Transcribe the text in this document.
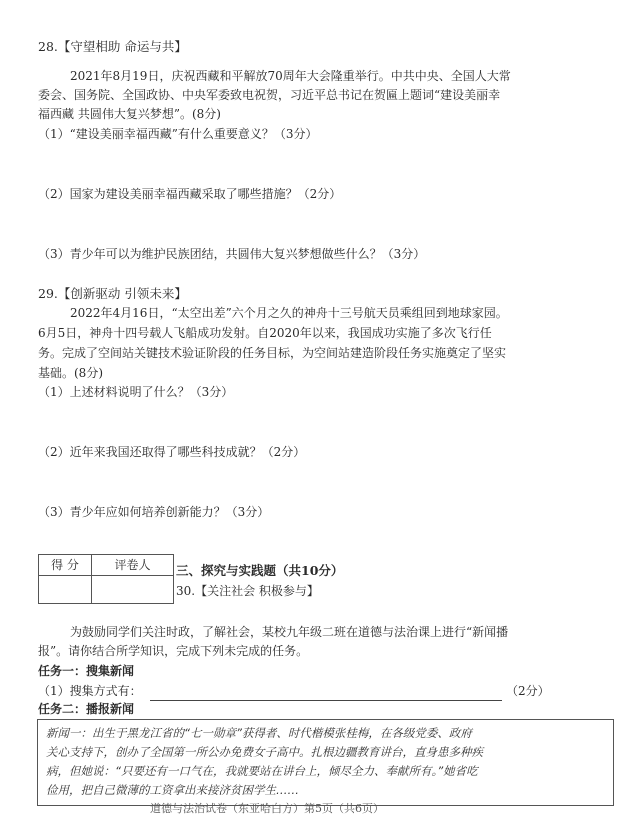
28.【守望相助 命运与共】
2021年8月19日，庆祝西藏和平解放70周年大会隆重举行。中共中央、全国人大常
委会、国务院、全国政协、中央军委致电祝贺，习近平总书记在贺匾上题词“建设美丽幸
福西藏 共圆伟大复兴梦想”。(8分)
（1）“建设美丽幸福西藏”有什么重要意义？（3分）
（2）国家为建设美丽幸福西藏采取了哪些措施？（2分）
（3）青少年可以为维护民族团结，共圆伟大复兴梦想做些什么？（3分）
29.【创新驱动 引领未来】
2022年4月16日，“太空出差”六个月之久的神舟十三号航天员乘组回到地球家园。
6月5日，神舟十四号载人飞船成功发射。自2020年以来，我国成功实施了多次飞行任
务。完成了空间站关键技术验证阶段的任务目标，为空间站建造阶段任务实施奠定了坚实
基础。(8分)
（1）上述材料说明了什么？（3分）
（2）近年来我国还取得了哪些科技成就？（2分）
（3）青少年应如何培养创新能力？（3分）
得 分	评卷人	三、探究与实践题（共10分）
30.【关注社会 积极参与】
为鼓励同学们关注时政，了解社会，某校九年级二班在道德与法治课上进行“新闻播
报”。请你结合所学知识，完成下列未完成的任务。
任务一：搜集新闻
（1）搜集方式有：	（2分）
任务二：播报新闻
新闻一：出生于黑龙江省的“七一勋章”获得者、时代楷模张桂梅，在各级党委、政府
关心支持下，创办了全国第一所公办免费女子高中。扎根边疆教育讲台，直身患多种疾
病，但她说：“只要还有一口气在，我就要站在讲台上，倾尽全力、奉献所有。”她省吃
俭用，把自己微薄的工资拿出来接济贫困学生……
道德与法治试卷（东亚哈白方）第5页（共6页）
